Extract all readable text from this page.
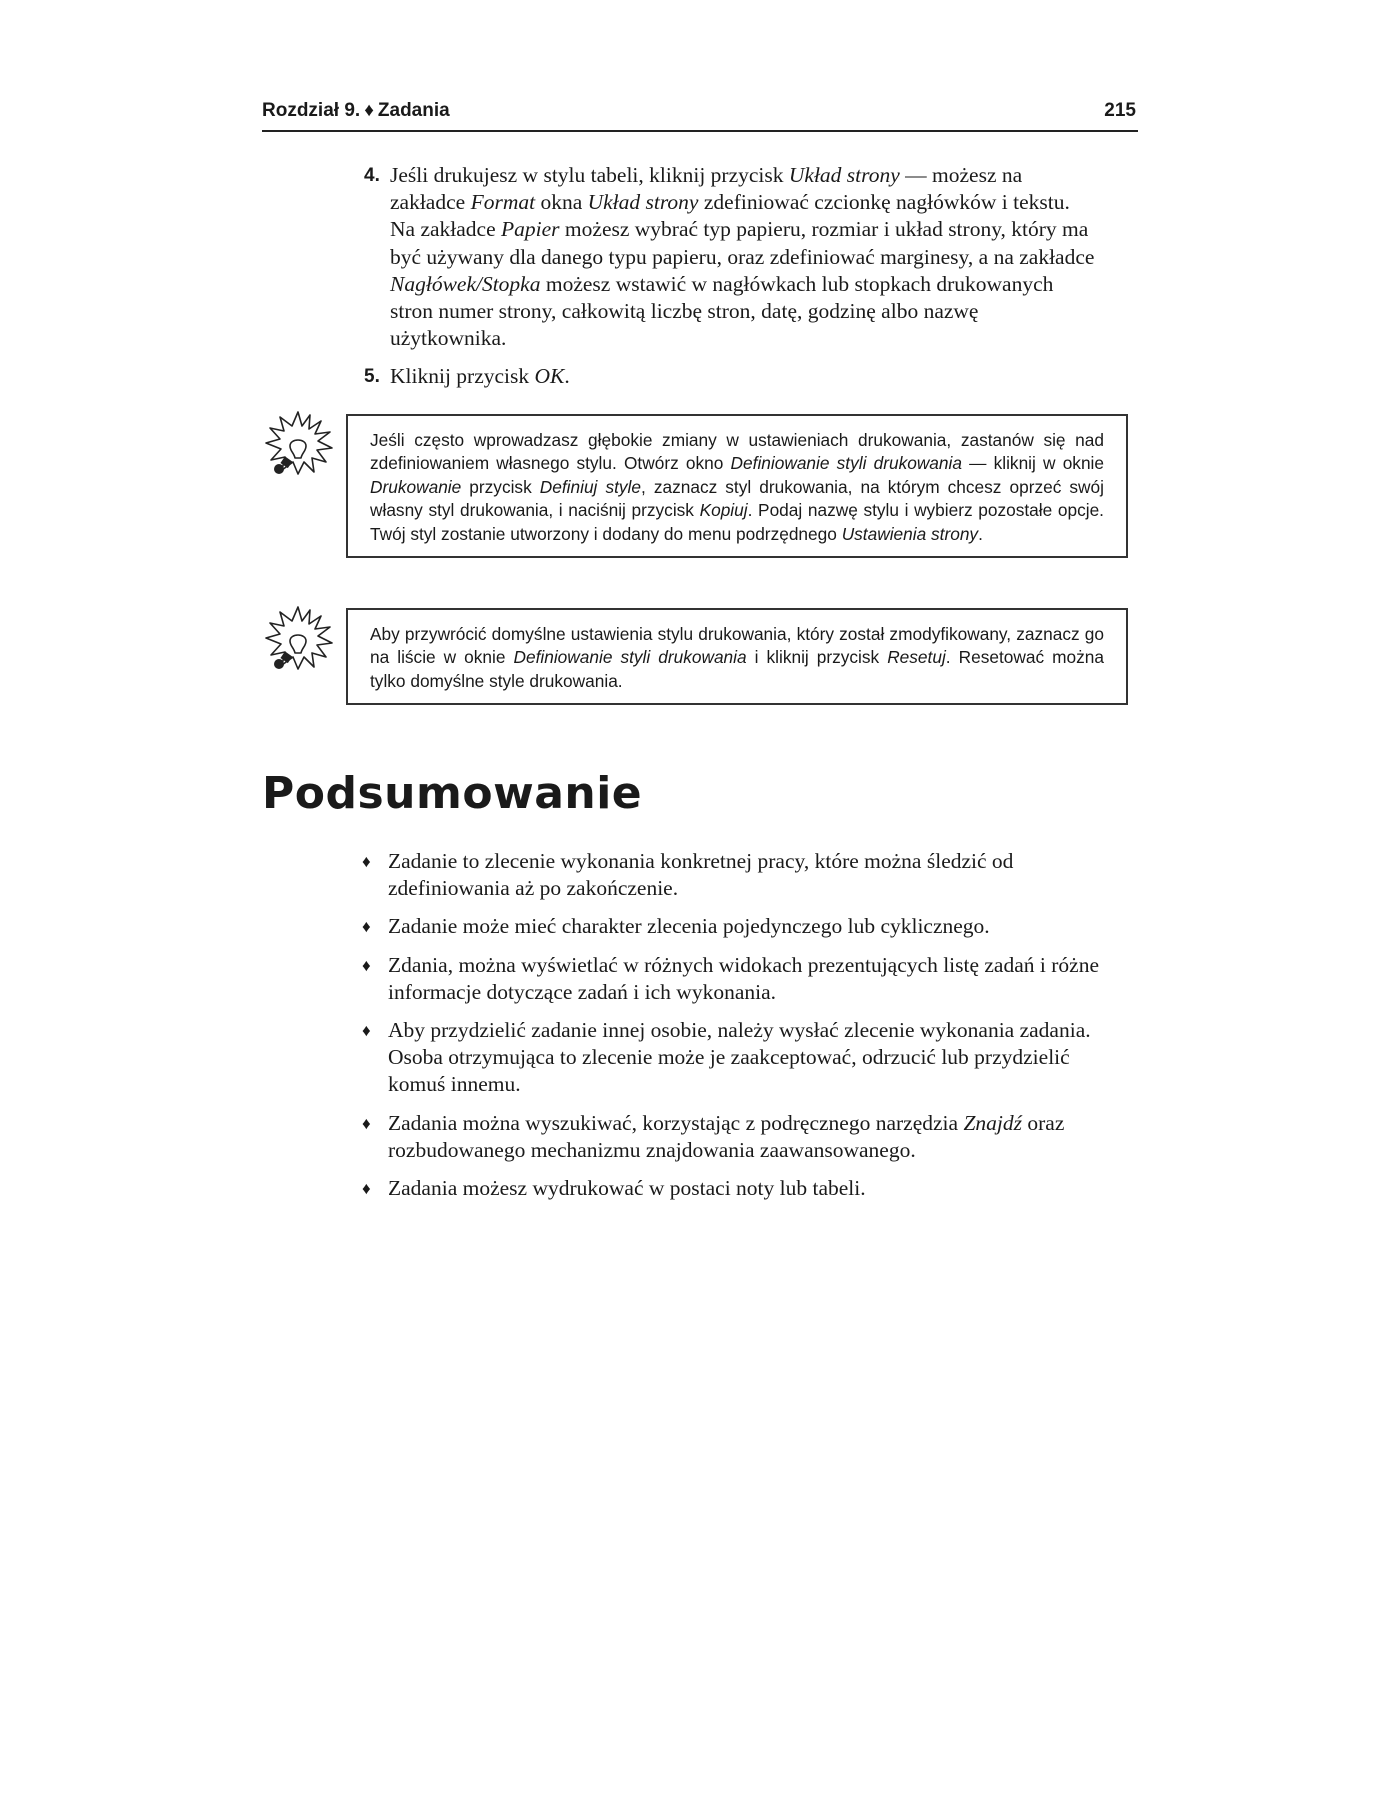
Rozdział 9. ♦ Zadania	215
4. Jeśli drukujesz w stylu tabeli, kliknij przycisk Układ strony — możesz na zakładce Format okna Układ strony zdefiniować czcionkę nagłówków i tekstu. Na zakładce Papier możesz wybrać typ papieru, rozmiar i układ strony, który ma być używany dla danego typu papieru, oraz zdefiniować marginesy, a na zakładce Nagłówek/Stopka możesz wstawić w nagłówkach lub stopkach drukowanych stron numer strony, całkowitą liczbę stron, datę, godzinę albo nazwę użytkownika.
5. Kliknij przycisk OK.

Jeśli często wprowadzasz głębokie zmiany w ustawieniach drukowania, zastanów się nad zdefiniowaniem własnego stylu. Otwórz okno Definiowanie styli drukowania — kliknij w oknie Drukowanie przycisk Definiuj style, zaznacz styl drukowania, na którym chcesz oprzeć swój własny styl drukowania, i naciśnij przycisk Kopiuj. Podaj nazwę stylu i wybierz pozostałe opcje. Twój styl zostanie utworzony i dodany do menu podrzędnego Ustawienia strony.

Aby przywrócić domyślne ustawienia stylu drukowania, który został zmodyfikowany, zaznacz go na liście w oknie Definiowanie styli drukowania i kliknij przycisk Resetuj. Resetować można tylko domyślne style drukowania.

Podsumowanie
♦ Zadanie to zlecenie wykonania konkretnej pracy, które można śledzić od zdefiniowania aż po zakończenie.
♦ Zadanie może mieć charakter zlecenia pojedynczego lub cyklicznego.
♦ Zdania, można wyświetlać w różnych widokach prezentujących listę zadań i różne informacje dotyczące zadań i ich wykonania.
♦ Aby przydzielić zadanie innej osobie, należy wysłać zlecenie wykonania zadania. Osoba otrzymująca to zlecenie może je zaakceptować, odrzucić lub przydzielić komuś innemu.
♦ Zadania można wyszukiwać, korzystając z podręcznego narzędzia Znajdź oraz rozbudowanego mechanizmu znajdowania zaawansowanego.
♦ Zadania możesz wydrukować w postaci noty lub tabeli.
